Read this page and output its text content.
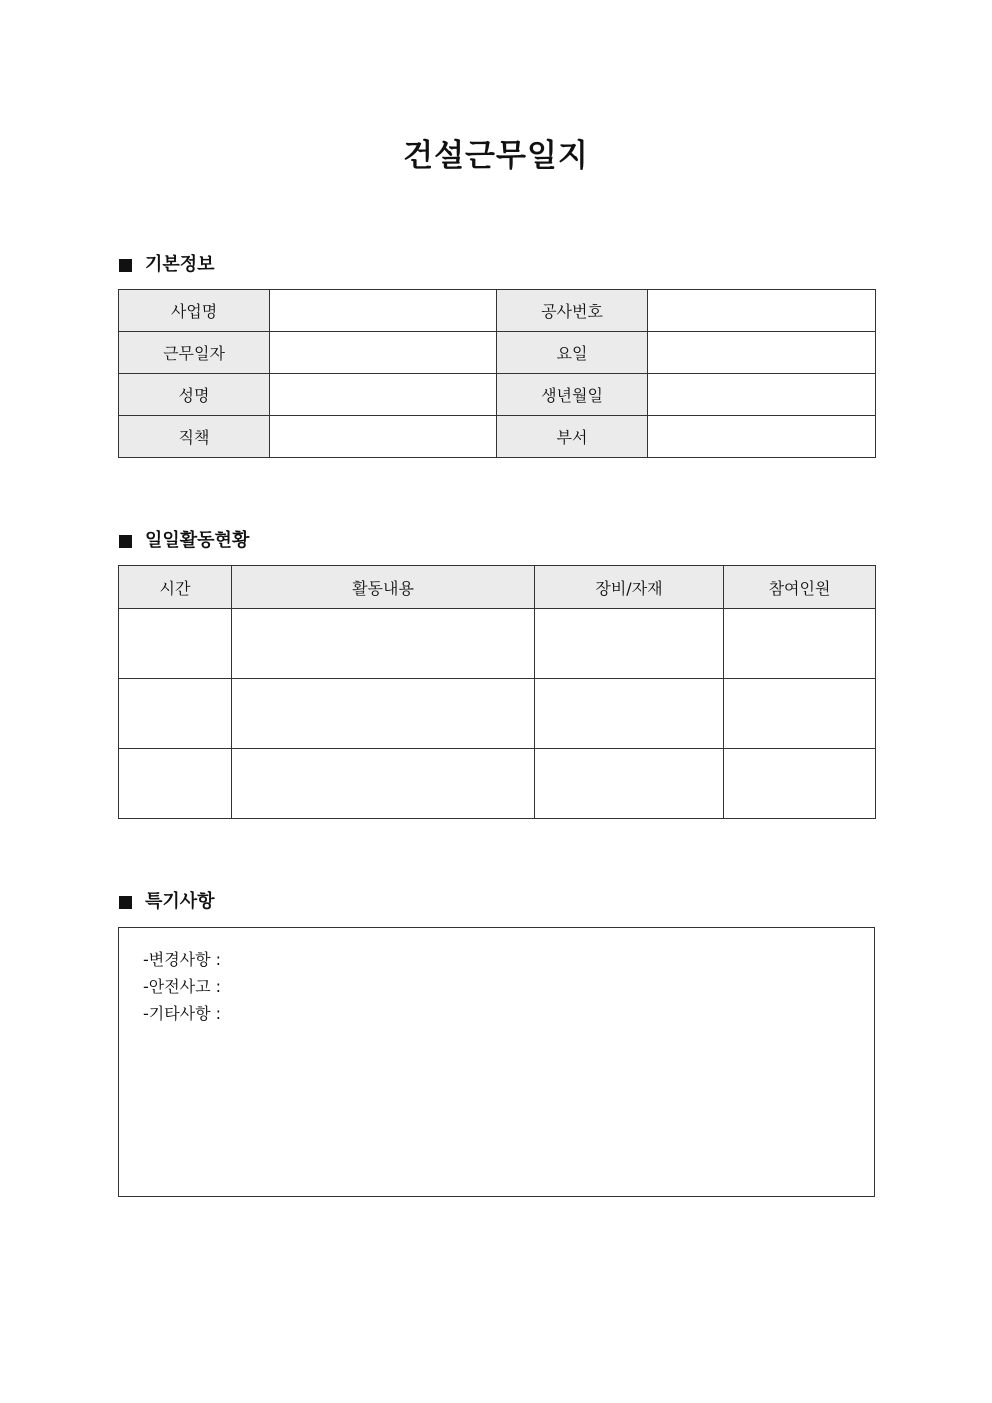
건설근무일지
기본정보
사업명		공사번호	
근무일자		요일	
성명		생년월일	
직책		부서	
일일활동현황
시간	활동내용	장비/자재	참여인원

특기사항
-변경사항 :
-안전사고 :
-기타사항 :
